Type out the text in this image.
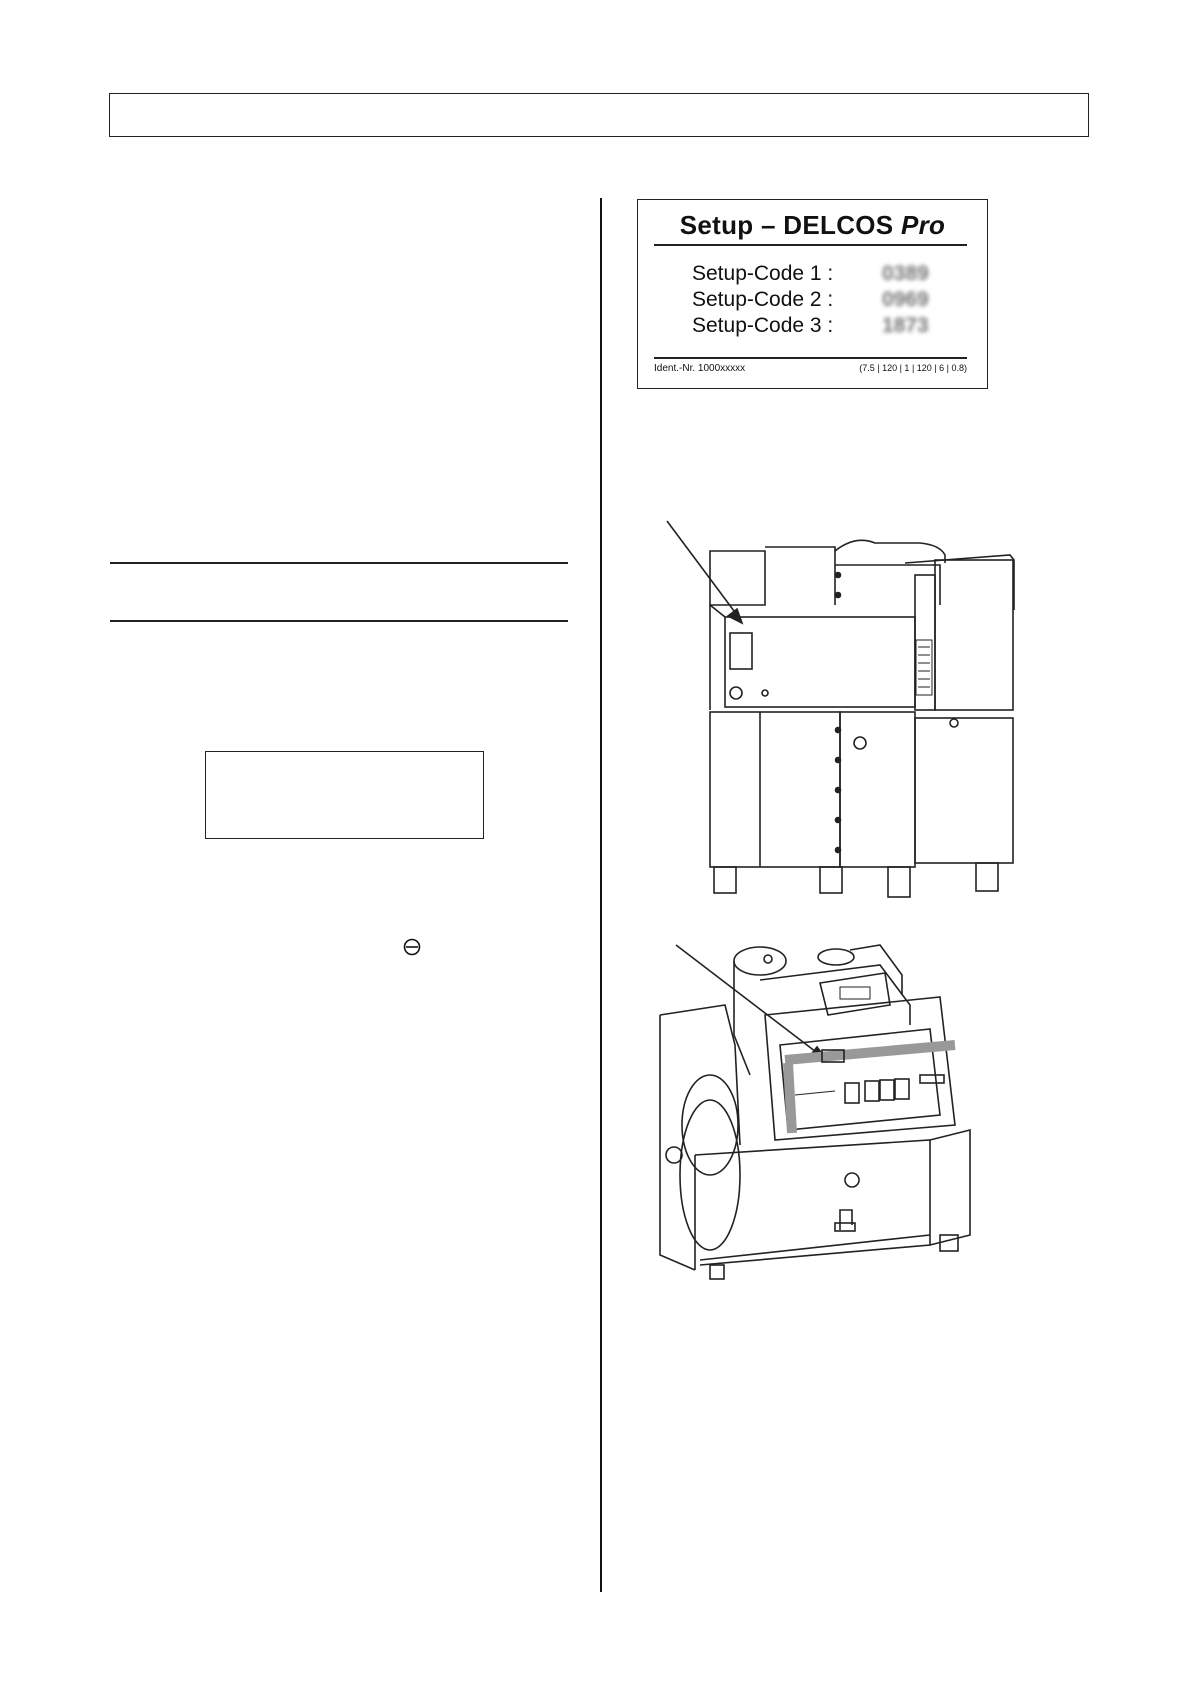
Setup – DELCOS Pro
Setup-Code 1 : 0389
Setup-Code 2 : 0969
Setup-Code 3 : 1873
Ident.-Nr. 1000xxxxx	(7.5 | 120 | 1 | 120 | 6 | 0.8)
